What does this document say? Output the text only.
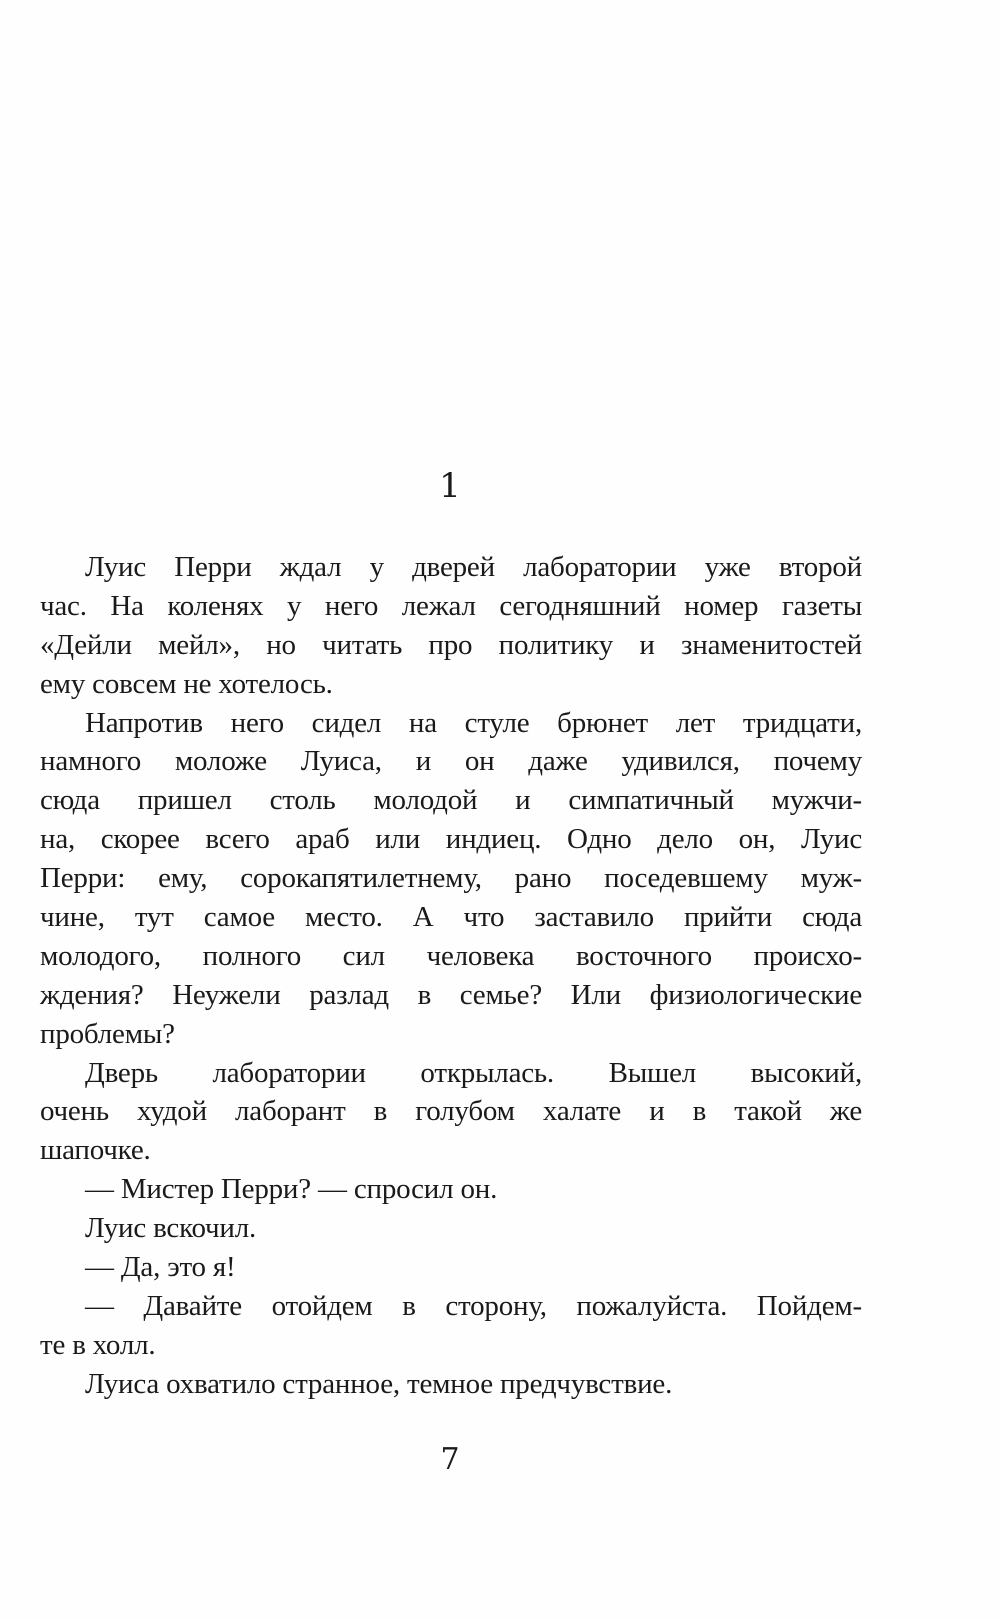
1
Луис Перри ждал у дверей лаборатории уже второй
час. На коленях у него лежал сегодняшний номер газеты
«Дейли мейл», но читать про политику и знаменитостей
ему совсем не хотелось.
Напротив него сидел на стуле брюнет лет тридцати,
намного моложе Луиса, и он даже удивился, почему
сюда пришел столь молодой и симпатичный мужчи-
на, скорее всего араб или индиец. Одно дело он, Луис
Перри: ему, сорокапятилетнему, рано поседевшему муж-
чине, тут самое место. А что заставило прийти сюда
молодого, полного сил человека восточного происхо-
ждения? Неужели разлад в семье? Или физиологические
проблемы?
Дверь лаборатории открылась. Вышел высокий,
очень худой лаборант в голубом халате и в такой же
шапочке.
— Мистер Перри? — спросил он.
Луис вскочил.
— Да, это я!
— Давайте отойдем в сторону, пожалуйста. Пойдем-
те в холл.
Луиса охватило странное, темное предчувствие.
7
